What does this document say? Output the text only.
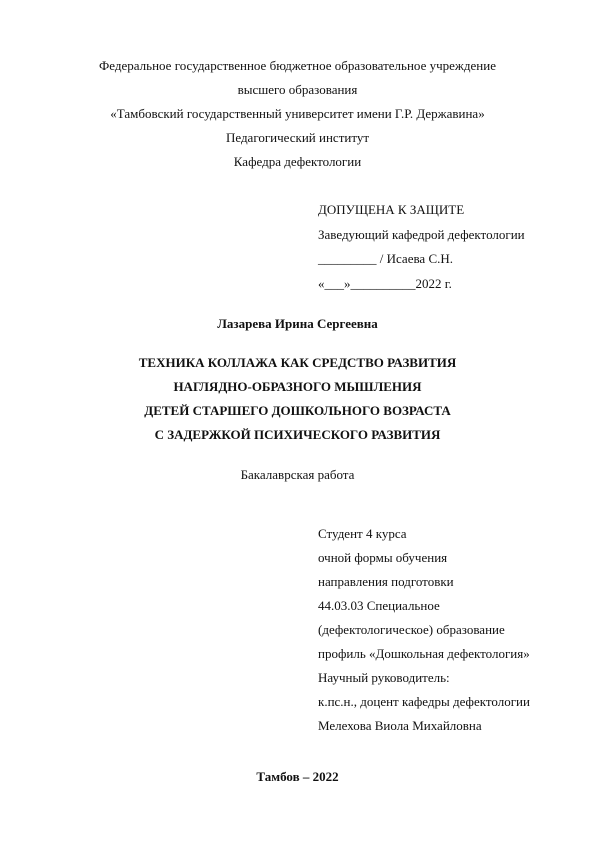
Федеральное государственное бюджетное образовательное учреждение
высшего образования
«Тамбовский государственный университет имени Г.Р. Державина»
Педагогический институт
Кафедра дефектологии
ДОПУЩЕНА К ЗАЩИТЕ
Заведующий кафедрой дефектологии
_________ / Исаева С.Н.
«___»__________2022 г.
Лазарева Ирина Сергеевна
ТЕХНИКА КОЛЛАЖА КАК СРЕДСТВО РАЗВИТИЯ
НАГЛЯДНО-ОБРАЗНОГО МЫШЛЕНИЯ
ДЕТЕЙ СТАРШЕГО ДОШКОЛЬНОГО ВОЗРАСТА
С ЗАДЕРЖКОЙ ПСИХИЧЕСКОГО РАЗВИТИЯ
Бакалаврская работа
Студент 4 курса
очной формы обучения
направления подготовки
44.03.03 Специальное
(дефектологическое) образование
профиль «Дошкольная дефектология»
Научный руководитель:
к.пс.н., доцент кафедры дефектологии
Мелехова Виола Михайловна
Тамбов – 2022
